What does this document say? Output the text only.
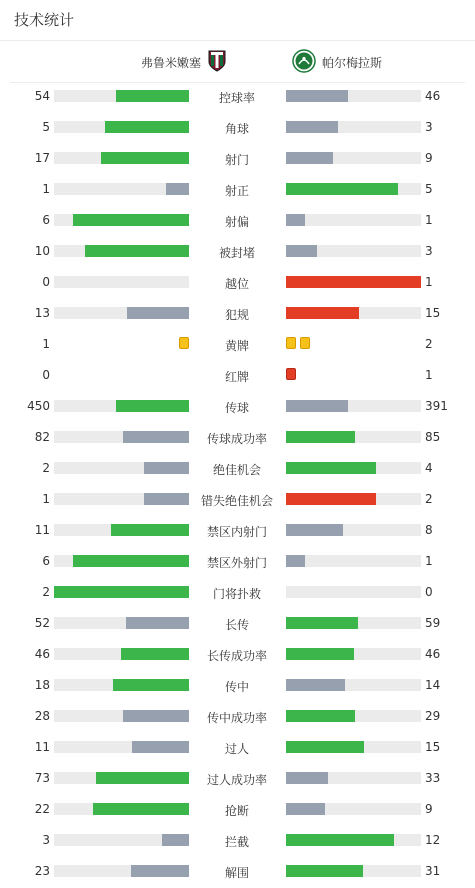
技术统计
弗鲁米嫩塞	帕尔梅拉斯
54	控球率	46
5	角球	3
17	射门	9
1	射正	5
6	射偏	1
10	被封堵	3
0	越位	1
13	犯规	15
1	黄牌	2
0	红牌	1
450	传球	391
82	传球成功率	85
2	绝佳机会	4
1	错失绝佳机会	2
11	禁区内射门	8
6	禁区外射门	1
2	门将扑救	0
52	长传	59
46	长传成功率	46
18	传中	14
28	传中成功率	29
11	过人	15
73	过人成功率	33
22	抢断	9
3	拦截	12
23	解围	31
